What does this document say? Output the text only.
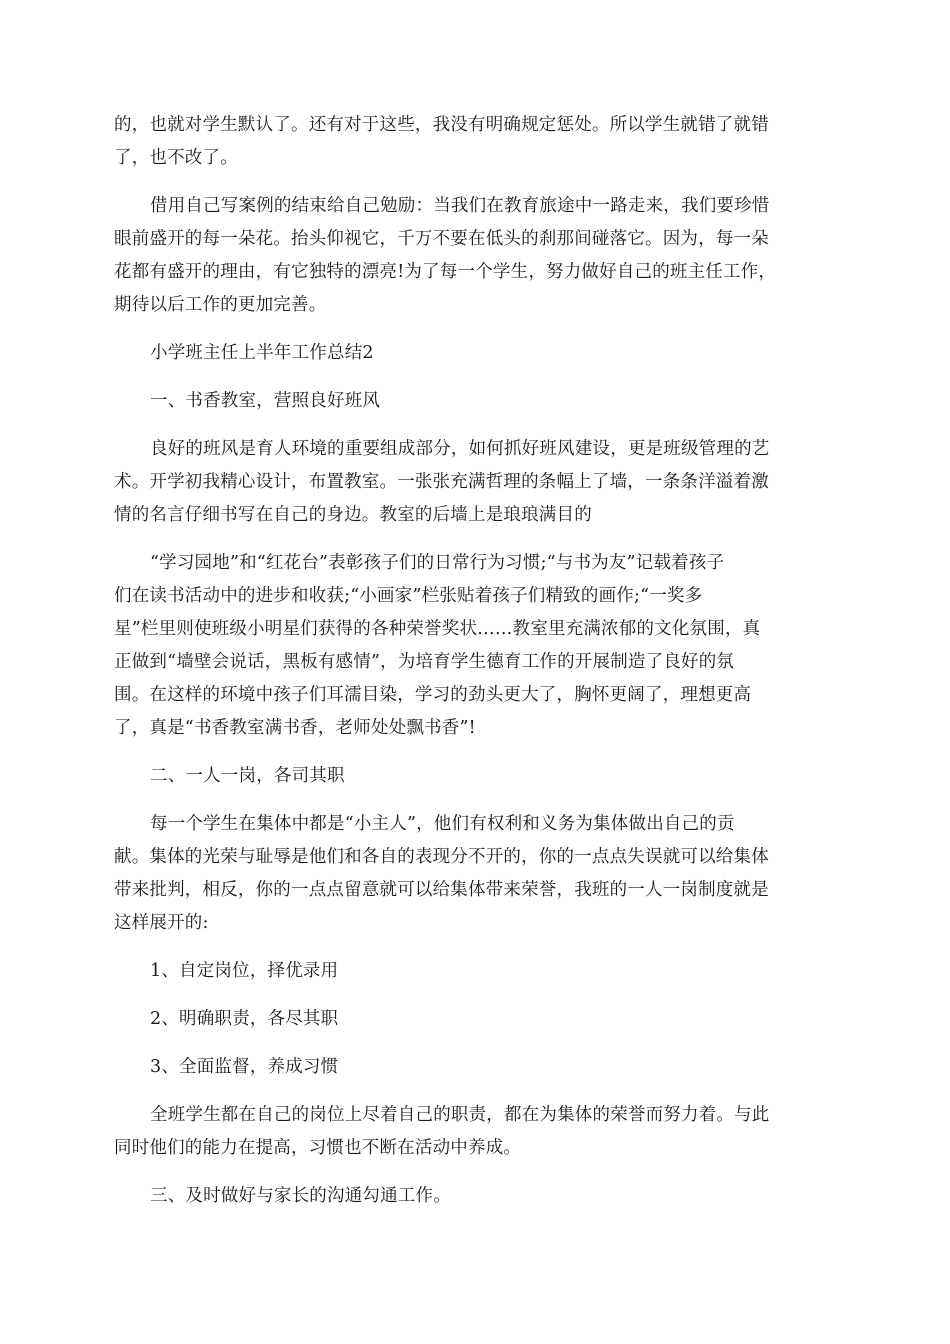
的，也就对学生默认了。还有对于这些，我没有明确规定惩处。所以学生就错了就错
了，也不改了。

借用自己写案例的结束给自己勉励：当我们在教育旅途中一路走来，我们要珍惜
眼前盛开的每一朵花。抬头仰视它，千万不要在低头的刹那间碰落它。因为，每一朵
花都有盛开的理由，有它独特的漂亮!为了每一个学生，努力做好自己的班主任工作，
期待以后工作的更加完善。

小学班主任上半年工作总结2

一、书香教室，营照良好班风

良好的班风是育人环境的重要组成部分，如何抓好班风建设，更是班级管理的艺
术。开学初我精心设计，布置教室。一张张充满哲理的条幅上了墙，一条条洋溢着激
情的名言仔细书写在自己的身边。教室的后墙上是琅琅满目的

“学习园地”和“红花台”表彰孩子们的日常行为习惯;“与书为友”记载着孩子
们在读书活动中的进步和收获;“小画家”栏张贴着孩子们精致的画作;“一奖多
星”栏里则使班级小明星们获得的各种荣誉奖状……教室里充满浓郁的文化氛围，真
正做到“墙壁会说话，黑板有感情”，为培育学生德育工作的开展制造了良好的氛
围。在这样的环境中孩子们耳濡目染，学习的劲头更大了，胸怀更阔了，理想更高
了，真是“书香教室满书香，老师处处飘书香”!

二、一人一岗，各司其职

每一个学生在集体中都是“小主人”，他们有权利和义务为集体做出自己的贡
献。集体的光荣与耻辱是他们和各自的表现分不开的，你的一点点失误就可以给集体
带来批判，相反，你的一点点留意就可以给集体带来荣誉，我班的一人一岗制度就是
这样展开的:

1、自定岗位，择优录用

2、明确职责，各尽其职

3、全面监督，养成习惯

全班学生都在自己的岗位上尽着自己的职责，都在为集体的荣誉而努力着。与此
同时他们的能力在提高，习惯也不断在活动中养成。

三、及时做好与家长的沟通勾通工作。
